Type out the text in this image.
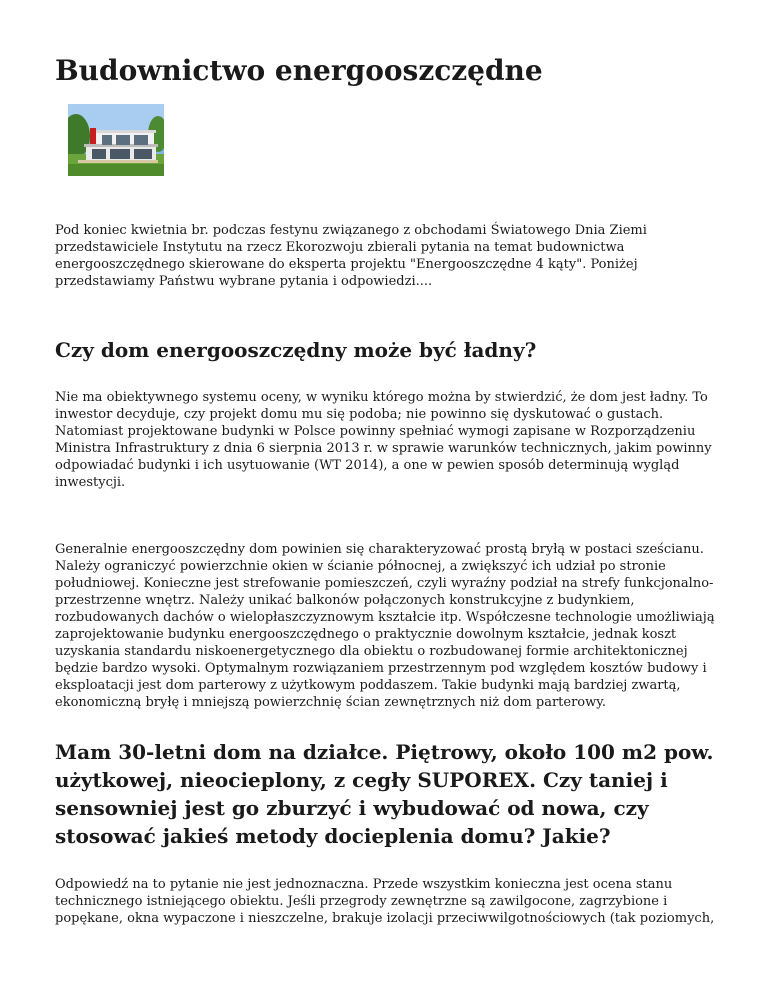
Budownictwo energooszczędne

Pod koniec kwietnia br. podczas festynu związanego z obchodami Światowego Dnia Ziemi przedstawiciele Instytutu na rzecz Ekorozwoju zbierali pytania na temat budownictwa energooszczędnego skierowane do eksperta projektu "Energooszczędne 4 kąty". Poniżej przedstawiamy Państwu wybrane pytania i odpowiedzi....

Czy dom energooszczędny może być ładny?

Nie ma obiektywnego systemu oceny, w wyniku którego można by stwierdzić, że dom jest ładny. To inwestor decyduje, czy projekt domu mu się podoba; nie powinno się dyskutować o gustach. Natomiast projektowane budynki w Polsce powinny spełniać wymogi zapisane w Rozporządzeniu Ministra Infrastruktury z dnia 6 sierpnia 2013 r. w sprawie warunków technicznych, jakim powinny odpowiadać budynki i ich usytuowanie (WT 2014), a one w pewien sposób determinują wygląd inwestycji.

Generalnie energooszczędny dom powinien się charakteryzować prostą bryłą w postaci sześcianu. Należy ograniczyć powierzchnie okien w ścianie północnej, a zwiększyć ich udział po stronie południowej. Konieczne jest strefowanie pomieszczeń, czyli wyraźny podział na strefy funkcjonalno-przestrzenne wnętrz. Należy unikać balkonów połączonych konstrukcyjne z budynkiem, rozbudowanych dachów o wielopłaszczyznowym kształcie itp. Współczesne technologie umożliwiają zaprojektowanie budynku energooszczędnego o praktycznie dowolnym kształcie, jednak koszt uzyskania standardu niskoenergetycznego dla obiektu o rozbudowanej formie architektonicznej będzie bardzo wysoki. Optymalnym rozwiązaniem przestrzennym pod względem kosztów budowy i eksploatacji jest dom parterowy z użytkowym poddaszem. Takie budynki mają bardziej zwartą, ekonomiczną bryłę i mniejszą powierzchnię ścian zewnętrznych niż dom parterowy.

Mam 30-letni dom na działce. Piętrowy, około 100 m2 pow. użytkowej, nieocieplony, z cegły SUPOREX. Czy taniej i sensowniej jest go zburzyć i wybudować od nowa, czy stosować jakieś metody docieplenia domu? Jakie?

Odpowiedź na to pytanie nie jest jednoznaczna. Przede wszystkim konieczna jest ocena stanu technicznego istniejącego obiektu. Jeśli przegrody zewnętrzne są zawilgocone, zagrzybione i popękane, okna wypaczone i nieszczelne, brakuje izolacji przeciwwilgotnościowych (tak poziomych,
